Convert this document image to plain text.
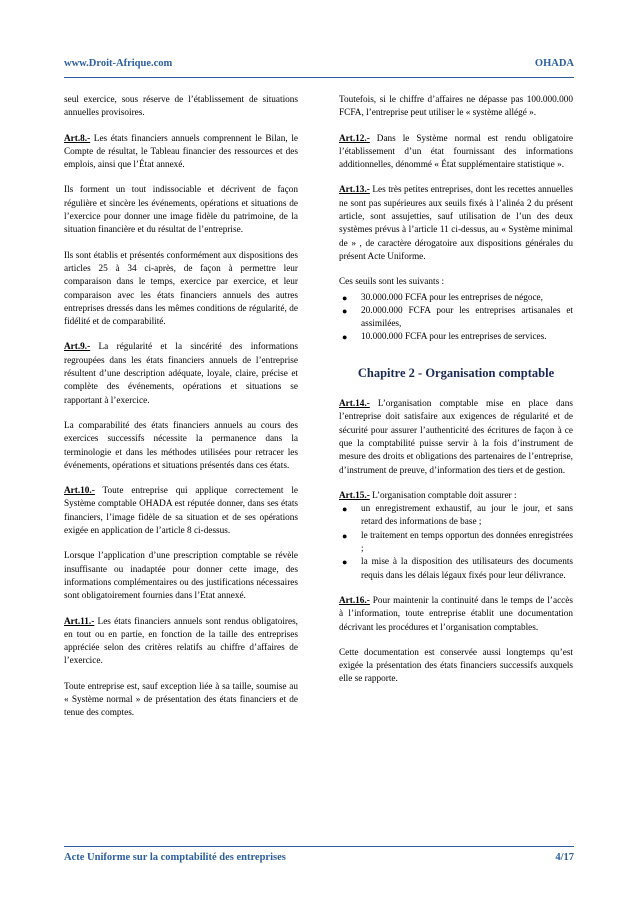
www.Droit-Afrique.com	OHADA

seul exercice, sous réserve de l’établissement de situations annuelles provisoires.

Art.8.- Les états financiers annuels comprennent le Bilan, le Compte de résultat, le Tableau financier des ressources et des emplois, ainsi que l’État annexé.

Ils forment un tout indissociable et décrivent de façon régulière et sincère les événements, opérations et situations de l’exercice pour donner une image fidèle du patrimoine, de la situation financière et du résultat de l’entreprise.

Ils sont établis et présentés conformément aux dispositions des articles 25 à 34 ci-après, de façon à permettre leur comparaison dans le temps, exercice par exercice, et leur comparaison avec les états financiers annuels des autres entreprises dressés dans les mêmes conditions de régularité, de fidélité et de comparabilité.

Art.9.- La régularité et la sincérité des informations regroupées dans les états financiers annuels de l’entreprise résultent d’une description adéquate, loyale, claire, précise et complète des événements, opérations et situations se rapportant à l’exercice.

La comparabilité des états financiers annuels au cours des exercices successifs nécessite la permanence dans la terminologie et dans les méthodes utilisées pour retracer les événements, opérations et situations présentés dans ces états.

Art.10.- Toute entreprise qui applique correctement le Système comptable OHADA est réputée donner, dans ses états financiers, l’image fidèle de sa situation et de ses opérations exigée en application de l’article 8 ci-dessus.

Lorsque l’application d’une prescription comptable se révèle insuffisante ou inadaptée pour donner cette image, des informations complémentaires ou des justifications nécessaires sont obligatoirement fournies dans l’Etat annexé.

Art.11.- Les états financiers annuels sont rendus obligatoires, en tout ou en partie, en fonction de la taille des entreprises appréciée selon des critères relatifs au chiffre d’affaires de l’exercice.

Toute entreprise est, sauf exception liée à sa taille, soumise au « Système normal » de présentation des états financiers et de tenue des comptes.

Toutefois, si le chiffre d’affaires ne dépasse pas 100.000.000 FCFA, l’entreprise peut utiliser le « système allégé ».

Art.12.- Dans le Système normal est rendu obligatoire l’établissement d’un état fournissant des informations additionnelles, dénommé « État supplémentaire statistique ».

Art.13.- Les très petites entreprises, dont les recettes annuelles ne sont pas supérieures aux seuils fixés à l’alinéa 2 du présent article, sont assujetties, sauf utilisation de l’un des deux systèmes prévus à l’article 11 ci-dessus, au « Système minimal de » , de caractère dérogatoire aux dispositions générales du présent Acte Uniforme.

Ces seuils sont les suivants :

● 30.000.000 FCFA pour les entreprises de négoce,
● 20.000.000 FCFA pour les entreprises artisanales et assimilées,
● 10.000.000 FCFA pour les entreprises de services.
Chapitre 2 - Organisation comptable

Art.14.- L’organisation comptable mise en place dans l’entreprise doit satisfaire aux exigences de régularité et de sécurité pour assurer l’authenticité des écritures de façon à ce que la comptabilité puisse servir à la fois d’instrument de mesure des droits et obligations des partenaires de l’entreprise, d’instrument de preuve, d’information des tiers et de gestion.

Art.15.- L’organisation comptable doit assurer :

● un enregistrement exhaustif, au jour le jour, et sans retard des informations de base ;
● le traitement en temps opportun des données enregistrées ;
● la mise à la disposition des utilisateurs des documents requis dans les délais légaux fixés pour leur délivrance.

Art.16.- Pour maintenir la continuité dans le temps de l’accès à l’information, toute entreprise établit une documentation décrivant les procédures et l’organisation comptables.

Cette documentation est conservée aussi longtemps qu’est exigée la présentation des états financiers successifs auxquels elle se rapporte.

Acte Uniforme sur la comptabilité des entreprises	4/17
